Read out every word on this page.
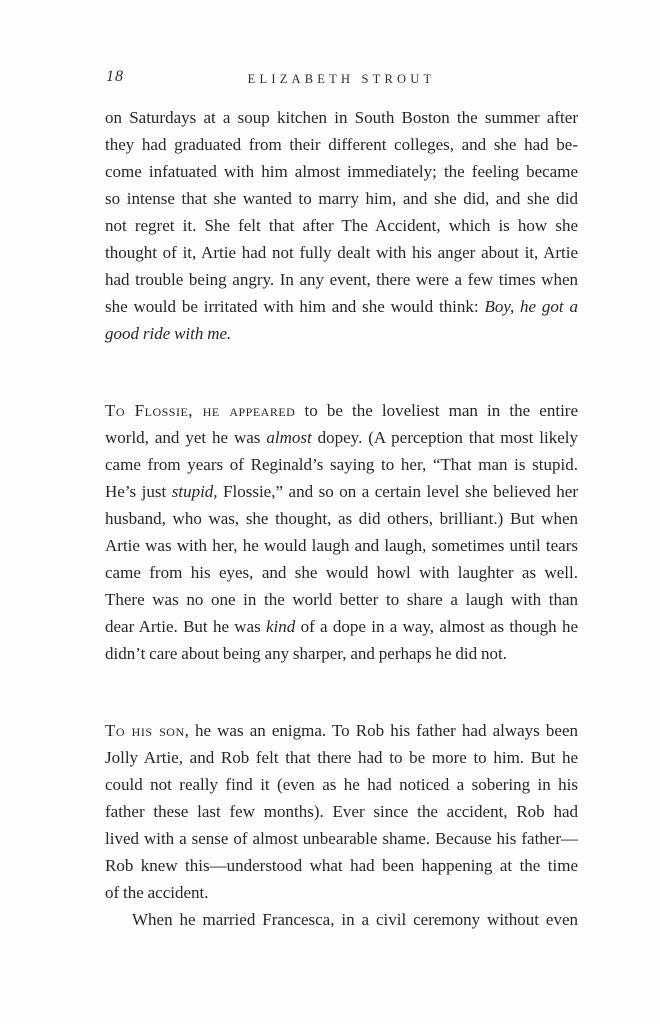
18	ELIZABETH STROUT
on Saturdays at a soup kitchen in South Boston the summer after
they had graduated from their different colleges, and she had be-
come infatuated with him almost immediately; the feeling became
so intense that she wanted to marry him, and she did, and she did
not regret it. She felt that after The Accident, which is how she
thought of it, Artie had not fully dealt with his anger about it, Artie
had trouble being angry. In any event, there were a few times when
she would be irritated with him and she would think: Boy, he got a
good ride with me.
To Flossie, he appeared to be the loveliest man in the entire
world, and yet he was almost dopey. (A perception that most likely
came from years of Reginald’s saying to her, “That man is stupid.
He’s just stupid, Flossie,” and so on a certain level she believed her
husband, who was, she thought, as did others, brilliant.) But when
Artie was with her, he would laugh and laugh, sometimes until tears
came from his eyes, and she would howl with laughter as well.
There was no one in the world better to share a laugh with than
dear Artie. But he was kind of a dope in a way, almost as though he
didn’t care about being any sharper, and perhaps he did not.
To his son, he was an enigma. To Rob his father had always been
Jolly Artie, and Rob felt that there had to be more to him. But he
could not really find it (even as he had noticed a sobering in his
father these last few months). Ever since the accident, Rob had
lived with a sense of almost unbearable shame. Because his father—
Rob knew this—understood what had been happening at the time
of the accident.
When he married Francesca, in a civil ceremony without even
